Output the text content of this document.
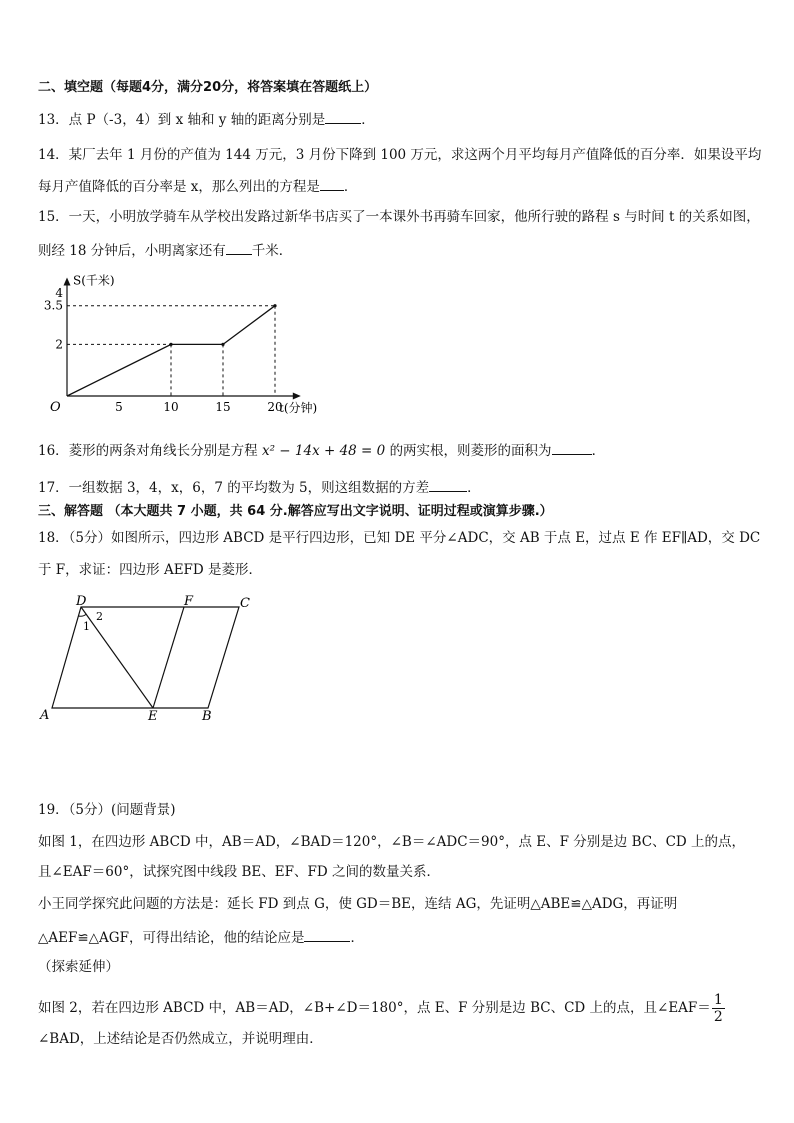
二、填空题（每题4分，满分20分，将答案填在答题纸上）
13．点 P（-3，4）到 x 轴和 y 轴的距离分别是	．
14．某厂去年 1 月份的产值为 144 万元，3 月份下降到 100 万元，求这两个月平均每月产值降低的百分率．如果设平均
每月产值降低的百分率是 x，那么列出的方程是 ．
15．一天，小明放学骑车从学校出发路过新华书店买了一本课外书再骑车回家，他所行驶的路程 s 与时间 t 的关系如图，
则经 18 分钟后，小明离家还有 千米．
5	10	15	20
2
3.5
4
O
S(千米)
t(分钟)
16．菱形的两条对角线长分别是方程 x² − 14x + 48 = 0 的两实根，则菱形的面积为	．
17．一组数据 3，4，x，6，7 的平均数为 5，则这组数据的方差	．
三、解答题 （本大题共 7 小题，共 64 分.解答应写出文字说明、证明过程或演算步骤.）
18．（5分）如图所示，四边形 ABCD 是平行四边形，已知 DE 平分∠ADC，交 AB 于点 E，过点 E 作 EF∥AD，交 DC
于 F，求证：四边形 AEFD 是菱形．
D	F	C
A	E	B
1
2
19．（5分）(问题背景)
如图 1，在四边形 ABCD 中，AB＝AD，∠BAD＝120°，∠B＝∠ADC＝90°，点 E、F 分别是边 BC、CD 上的点，
且∠EAF＝60°，试探究图中线段 BE、EF、FD 之间的数量关系．
小王同学探究此问题的方法是：延长 FD 到点 G，使 GD＝BE，连结 AG，先证明△ABE≌△ADG，再证明
△AEF≌△AGF，可得出结论，他的结论应是	．
（探索延伸）
如图 2，若在四边形 ABCD 中，AB＝AD，∠B+∠D＝180°，点 E、F 分别是边 BC、CD 上的点，且∠EAF＝ $\frac{1}{2}$
∠BAD，上述结论是否仍然成立，并说明理由．
